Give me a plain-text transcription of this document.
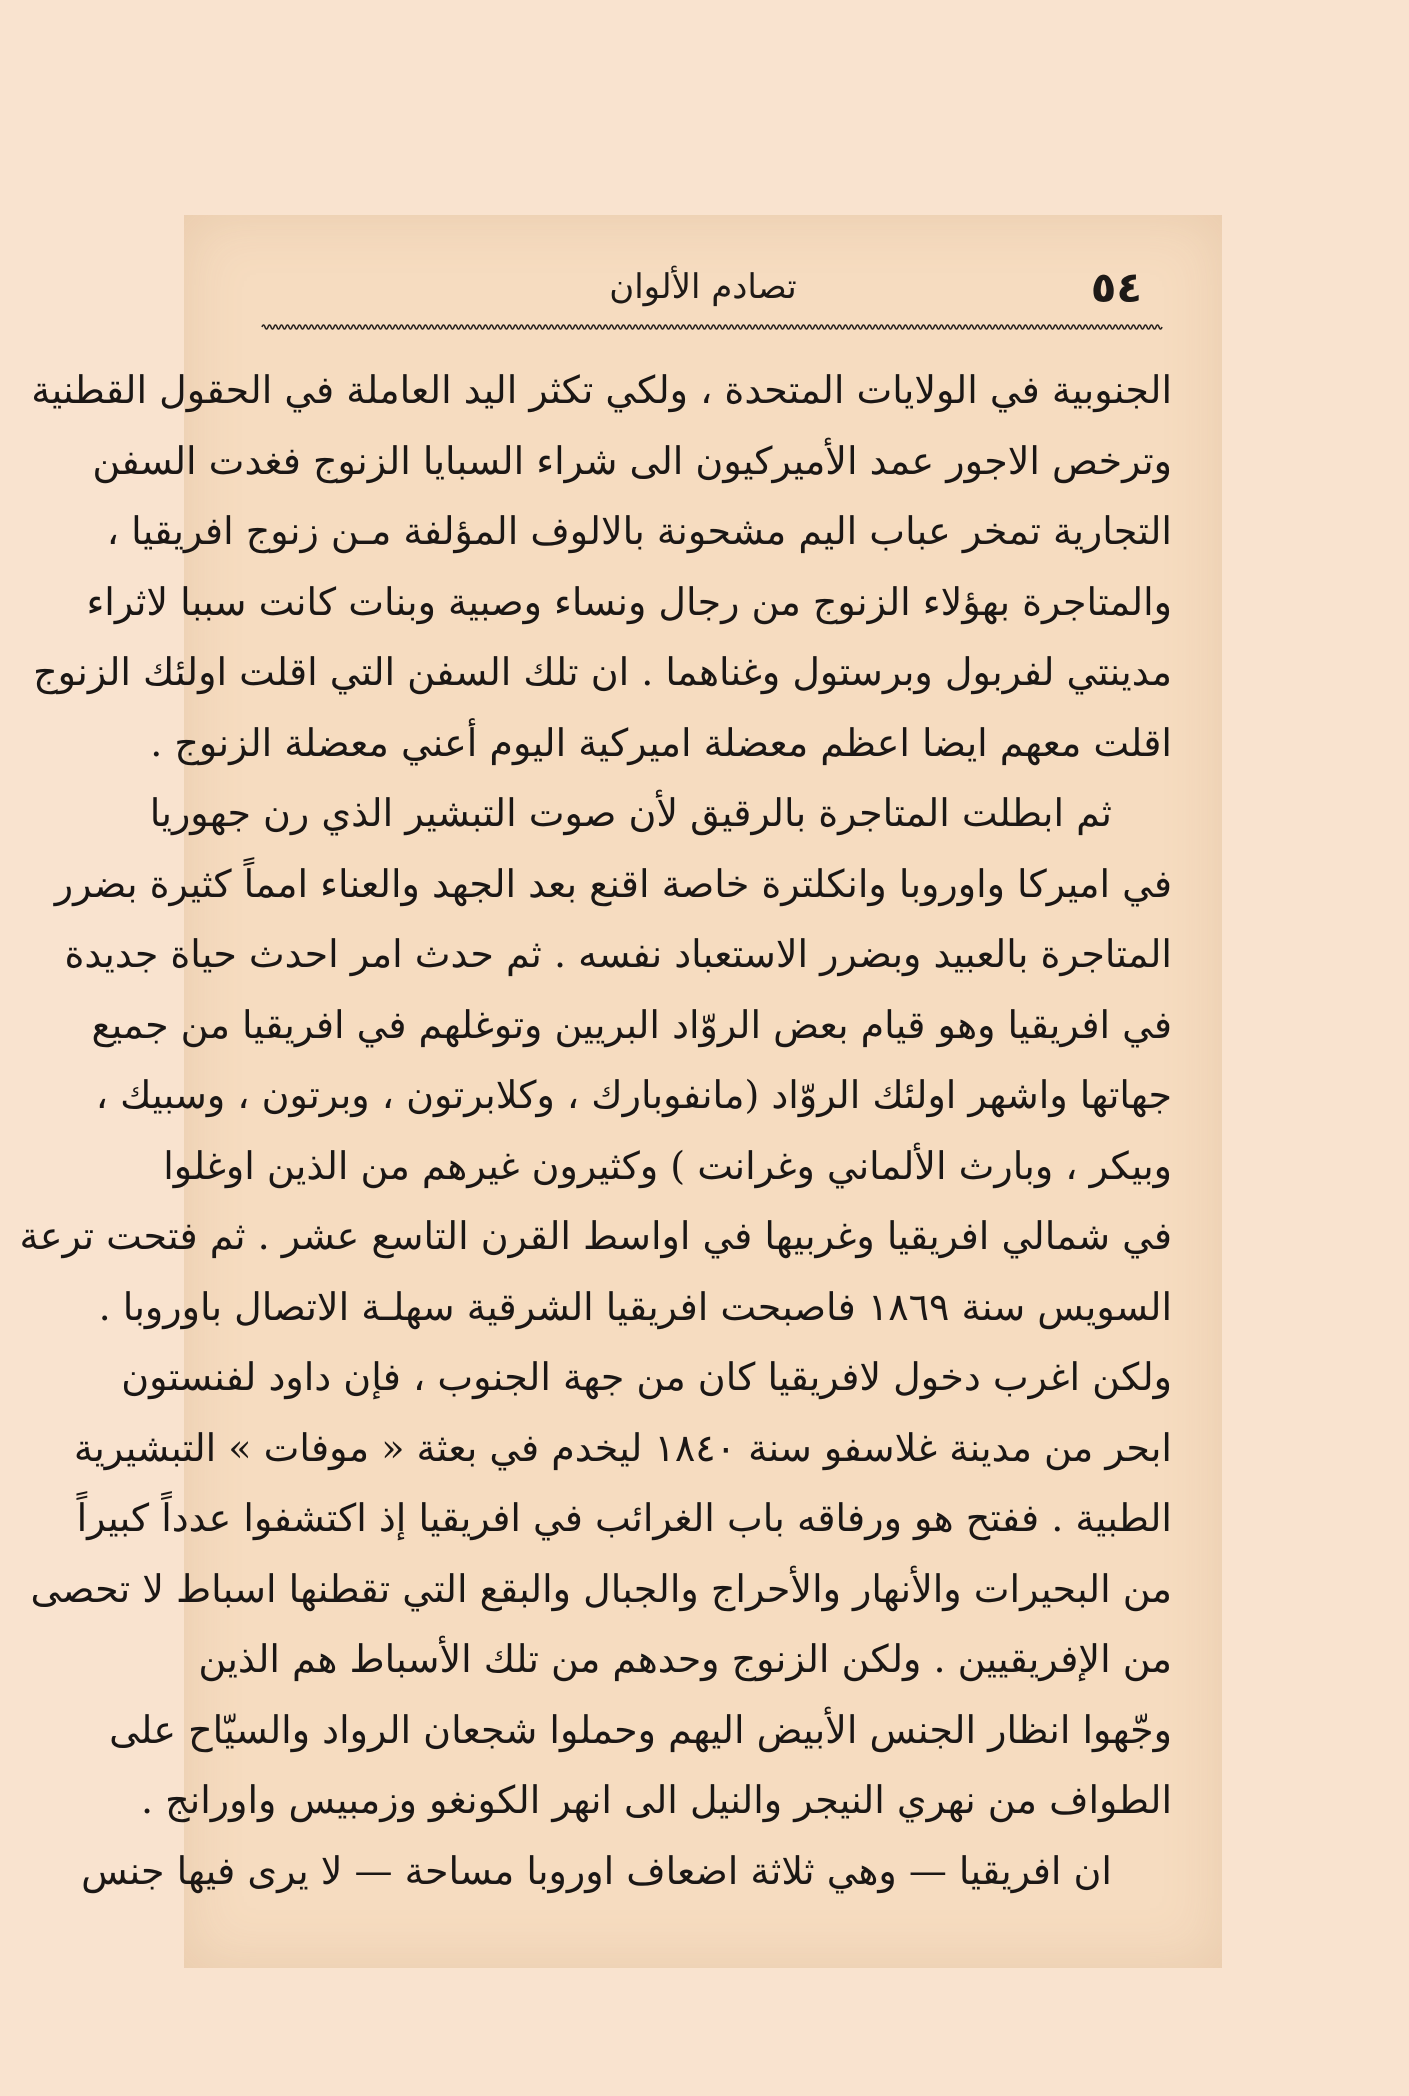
٥٤
تصادم الألوان
الجنوبية في الولايات المتحدة ، ولكي تكثر اليد العاملة في الحقول القطنية
وترخص الاجور عمد الأميركيون الى شراء السبايا الزنوج فغدت السفن
التجارية تمخر عباب اليم مشحونة بالالوف المؤلفة مـن زنوج افريقيا ،
والمتاجرة بهؤلاء الزنوج من رجال ونساء وصبية وبنات كانت سببا لاثراء
مدينتي لفربول وبرستول وغناهما . ان تلك السفن التي اقلت اولئك الزنوج
اقلت معهم ايضا اعظم معضلة اميركية اليوم أعني معضلة الزنوج .
ثم ابطلت المتاجرة بالرقيق لأن صوت التبشير الذي رن جهوريا
في اميركا واوروبا وانكلترة خاصة اقنع بعد الجهد والعناء امماً كثيرة بضرر
المتاجرة بالعبيد وبضرر الاستعباد نفسه . ثم حدث امر احدث حياة جديدة
في افريقيا وهو قيام بعض الروّاد البريين وتوغلهم في افريقيا من جميع
جهاتها واشهر اولئك الروّاد (مانفوبارك ، وكلابرتون ، وبرتون ، وسبيك ،
وبيكر ، وبارث الألماني وغرانت ) وكثيرون غيرهم من الذين اوغلوا
في شمالي افريقيا وغربيها في اواسط القرن التاسع عشر . ثم فتحت ترعة
السويس سنة ١٨٦٩ فاصبحت افريقيا الشرقية سهلـة الاتصال باوروبا .
ولكن اغرب دخول لافريقيا كان من جهة الجنوب ، فإن داود لفنستون
ابحر من مدينة غلاسفو سنة ١٨٤٠ ليخدم في بعثة « موفات » التبشيرية
الطبية . ففتح هو ورفاقه باب الغرائب في افريقيا إذ اكتشفوا عدداً كبيراً
من البحيرات والأنهار والأحراج والجبال والبقع التي تقطنها اسباط لا تحصى
من الإفريقيين . ولكن الزنوج وحدهم من تلك الأسباط هم الذين
وجّهوا انظار الجنس الأبيض اليهم وحملوا شجعان الرواد والسيّاح على
الطواف من نهري النيجر والنيل الى انهر الكونغو وزمبيس واورانج .
ان افريقيا — وهي ثلاثة اضعاف اوروبا مساحة — لا يرى فيها جنس
